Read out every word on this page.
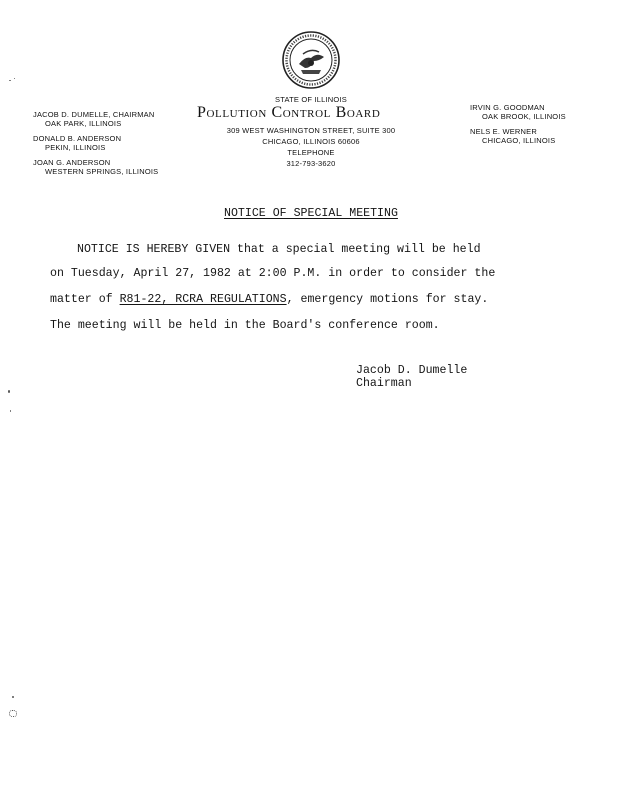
JACOB D. DUMELLE, CHAIRMAN
OAK PARK, ILLINOIS
DONALD B. ANDERSON
PEKIN, ILLINOIS
JOAN G. ANDERSON
WESTERN SPRINGS, ILLINOIS
IRVIN G. GOODMAN
OAK BROOK, ILLINOIS
NELS E. WERNER
CHICAGO, ILLINOIS
STATE OF ILLINOIS
Pollution Control Board
309 WEST WASHINGTON STREET, SUITE 300
CHICAGO, ILLINOIS 60606
TELEPHONE
312-793-3620
NOTICE OF SPECIAL MEETING
NOTICE IS HEREBY GIVEN that a special meeting will be held
on Tuesday, April 27, 1982 at 2:00 P.M. in order to consider the
matter of R81-22, RCRA REGULATIONS, emergency motions for stay.
The meeting will be held in the Board's conference room.
Jacob D. Dumelle
Chairman
